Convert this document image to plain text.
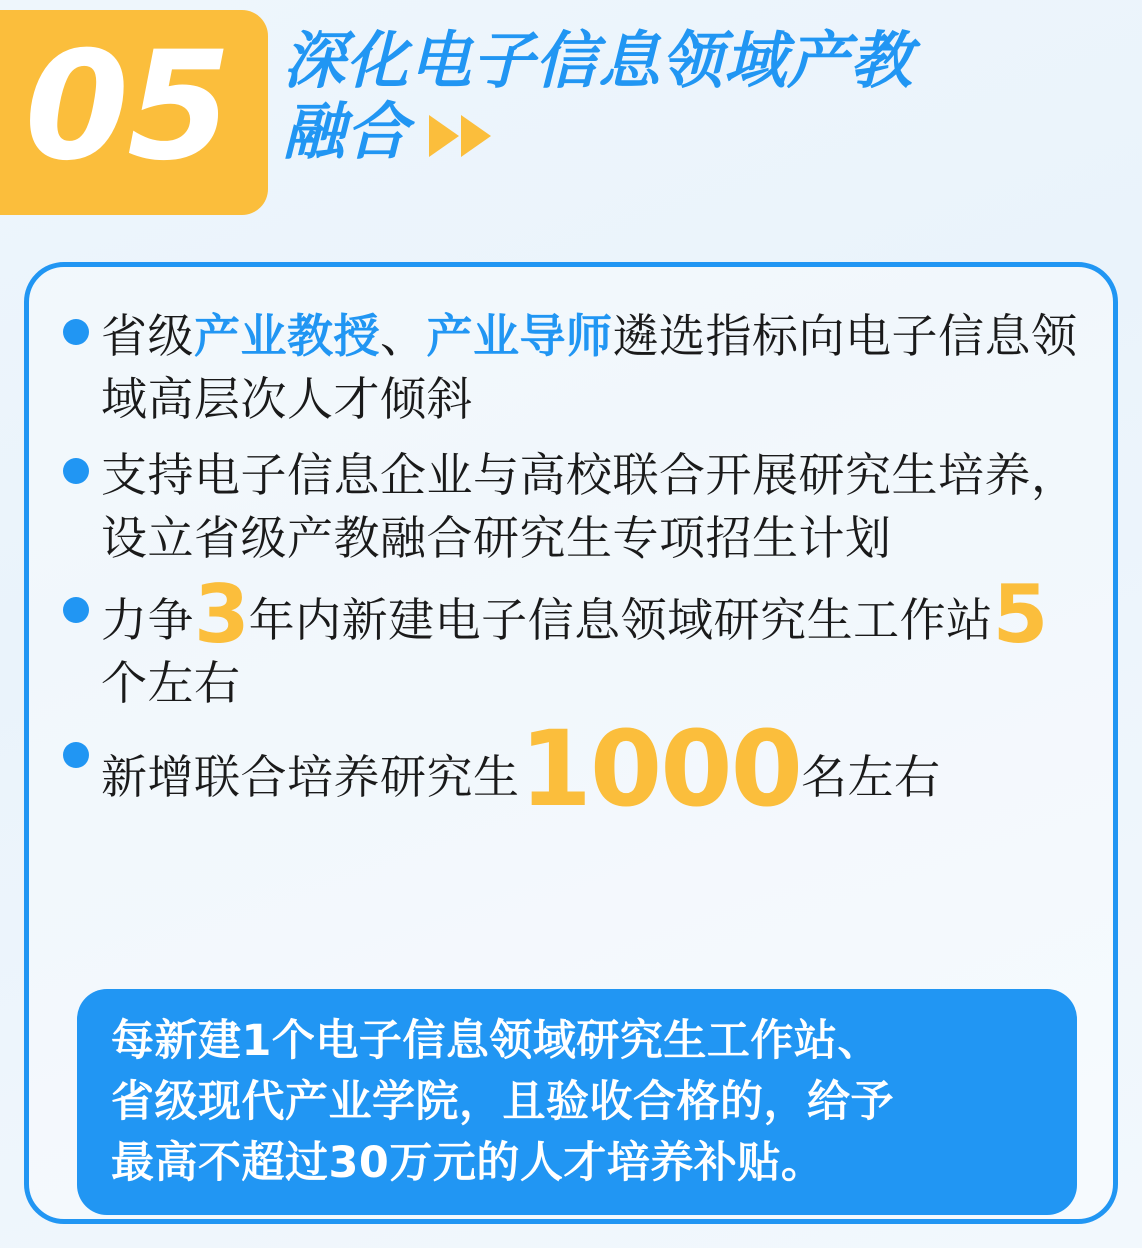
05 深化电子信息领域产教
融合
省级产业教授、产业导师遴选指标向电子信息领域高层次人才倾斜
支持电子信息企业与高校联合开展研究生培养，设立省级产教融合研究生专项招生计划
力争3年内新建电子信息领域研究生工作站5个左右
新增联合培养研究生1000名左右
每新建1个电子信息领域研究生工作站、
省级现代产业学院，且验收合格的，给予
最高不超过30万元的人才培养补贴。
